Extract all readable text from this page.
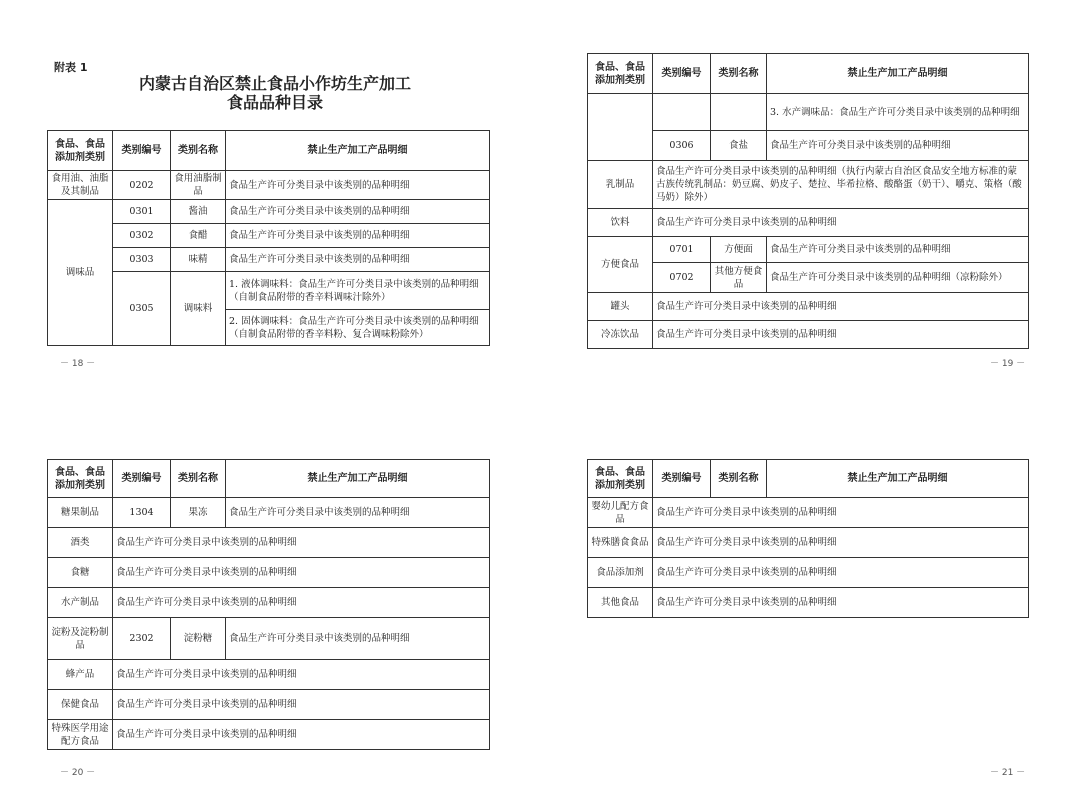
附表 1
内蒙古自治区禁止食品小作坊生产加工
食品品种目录
食品、食品添加剂类别	类别编号	类别名称	禁止生产加工产品明细
食用油、油脂及其制品	0202	食用油脂制品	食品生产许可分类目录中该类别的品种明细
调味品	0301	酱油	食品生产许可分类目录中该类别的品种明细
	0302	食醋	食品生产许可分类目录中该类别的品种明细
	0303	味精	食品生产许可分类目录中该类别的品种明细
	0305	调味料	1. 液体调味料：食品生产许可分类目录中该类别的品种明细（自制食品附带的香辛料调味汁除外）
			2. 固体调味料：食品生产许可分类目录中该类别的品种明细（自制食品附带的香辛料粉、复合调味粉除外）
－ 18 －
食品、食品添加剂类别	类别编号	类别名称	禁止生产加工产品明细
			3. 水产调味品：食品生产许可分类目录中该类别的品种明细
	0306	食盐	食品生产许可分类目录中该类别的品种明细
乳制品	食品生产许可分类目录中该类别的品种明细（执行内蒙古自治区食品安全地方标准的蒙古族传统乳制品：奶豆腐、奶皮子、楚拉、毕希拉格、酸酪蛋（奶干）、嚼克、策格（酸马奶）除外）		
饮料	食品生产许可分类目录中该类别的品种明细		
方便食品	0701	方便面	食品生产许可分类目录中该类别的品种明细
	0702	其他方便食品	食品生产许可分类目录中该类别的品种明细（凉粉除外）
罐头	食品生产许可分类目录中该类别的品种明细		
冷冻饮品	食品生产许可分类目录中该类别的品种明细		
－ 19 －
食品、食品添加剂类别	类别编号	类别名称	禁止生产加工产品明细
糖果制品	1304	果冻	食品生产许可分类目录中该类别的品种明细
酒类	食品生产许可分类目录中该类别的品种明细		
食糖	食品生产许可分类目录中该类别的品种明细		
水产制品	食品生产许可分类目录中该类别的品种明细		
淀粉及淀粉制品	2302	淀粉糖	食品生产许可分类目录中该类别的品种明细
蜂产品	食品生产许可分类目录中该类别的品种明细		
保健食品	食品生产许可分类目录中该类别的品种明细		
特殊医学用途配方食品	食品生产许可分类目录中该类别的品种明细		
－ 20 －
食品、食品添加剂类别	类别编号	类别名称	禁止生产加工产品明细
婴幼儿配方食品	食品生产许可分类目录中该类别的品种明细		
特殊膳食食品	食品生产许可分类目录中该类别的品种明细		
食品添加剂	食品生产许可分类目录中该类别的品种明细		
其他食品	食品生产许可分类目录中该类别的品种明细		
－ 21 －
